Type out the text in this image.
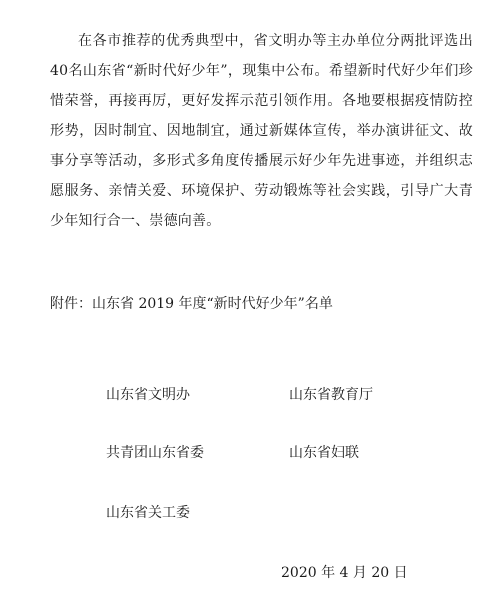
在各市推荐的优秀典型中，省文明办等主办单位分两批评选出40名山东省“新时代好少年”，现集中公布。希望新时代好少年们珍惜荣誉，再接再厉，更好发挥示范引领作用。各地要根据疫情防控形势，因时制宜、因地制宜，通过新媒体宣传，举办演讲征文、故事分享等活动，多形式多角度传播展示好少年先进事迹，并组织志愿服务、亲情关爱、环境保护、劳动锻炼等社会实践，引导广大青少年知行合一、崇德向善。

附件：山东省 2019 年度“新时代好少年”名单

山东省文明办	山东省教育厅
共青团山东省委	山东省妇联
山东省关工委
2020 年 4 月 20 日
